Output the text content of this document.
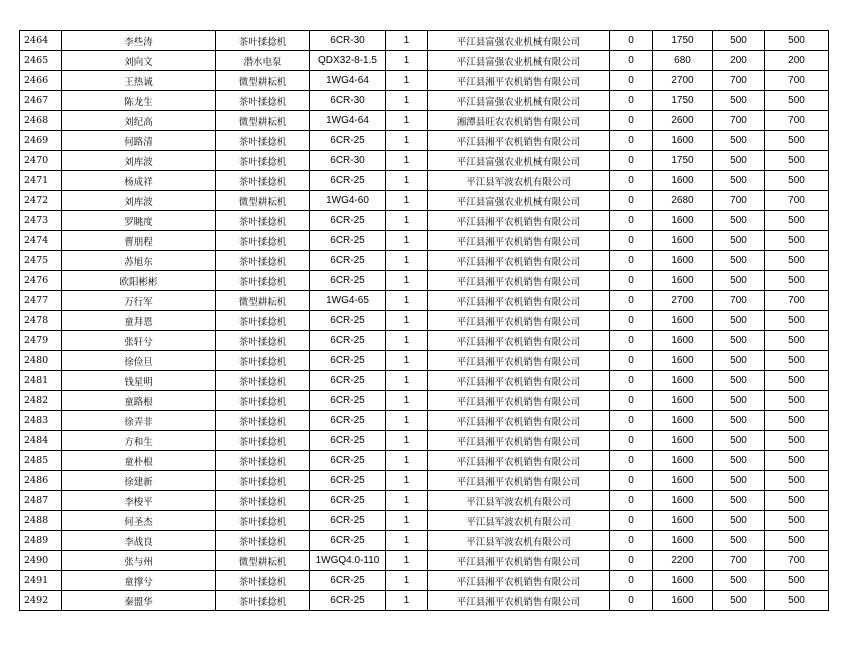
2464	李些涛	茶叶揉捻机	6CR-30	1	平江县富强农业机械有限公司	0	1750	500	500
2465	刘向文	潜水电泵	QDX32-8-1.5	1	平江县富强农业机械有限公司	0	680	200	200
2466	王热诚	微型耕耘机	1WG4-64	1	平江县湘平农机销售有限公司	0	2700	700	700
2467	陈龙生	茶叶揉捻机	6CR-30	1	平江县富强农业机械有限公司	0	1750	500	500
2468	刘纪高	微型耕耘机	1WG4-64	1	湘潭县旺农农机销售有限公司	0	2600	700	700
2469	何路清	茶叶揉捻机	6CR-25	1	平江县湘平农机销售有限公司	0	1600	500	500
2470	刘库波	茶叶揉捻机	6CR-30	1	平江县富强农业机械有限公司	0	1750	500	500
2471	杨成祥	茶叶揉捻机	6CR-25	1	平江县军波农机有限公司	0	1600	500	500
2472	刘库波	微型耕耘机	1WG4-60	1	平江县富强农业机械有限公司	0	2680	700	700
2473	罗眺度	茶叶揉捻机	6CR-25	1	平江县湘平农机销售有限公司	0	1600	500	500
2474	曹朋程	茶叶揉捻机	6CR-25	1	平江县湘平农机销售有限公司	0	1600	500	500
2475	苏旭东	茶叶揉捻机	6CR-25	1	平江县湘平农机销售有限公司	0	1600	500	500
2476	欧阳彬彬	茶叶揉捻机	6CR-25	1	平江县湘平农机销售有限公司	0	1600	500	500
2477	万行军	微型耕耘机	1WG4-65	1	平江县湘平农机销售有限公司	0	2700	700	700
2478	童拜恩	茶叶揉捻机	6CR-25	1	平江县湘平农机销售有限公司	0	1600	500	500
2479	张轩兮	茶叶揉捻机	6CR-25	1	平江县湘平农机销售有限公司	0	1600	500	500
2480	徐俭旦	茶叶揉捻机	6CR-25	1	平江县湘平农机销售有限公司	0	1600	500	500
2481	钱星明	茶叶揉捻机	6CR-25	1	平江县湘平农机销售有限公司	0	1600	500	500
2482	童路根	茶叶揉捻机	6CR-25	1	平江县湘平农机销售有限公司	0	1600	500	500
2483	徐弄非	茶叶揉捻机	6CR-25	1	平江县湘平农机销售有限公司	0	1600	500	500
2484	方和生	茶叶揉捻机	6CR-25	1	平江县湘平农机销售有限公司	0	1600	500	500
2485	童朴根	茶叶揉捻机	6CR-25	1	平江县湘平农机销售有限公司	0	1600	500	500
2486	徐建新	茶叶揉捻机	6CR-25	1	平江县湘平农机销售有限公司	0	1600	500	500
2487	李梭平	茶叶揉捻机	6CR-25	1	平江县军波农机有限公司	0	1600	500	500
2488	何圣杰	茶叶揉捻机	6CR-25	1	平江县军波农机有限公司	0	1600	500	500
2489	李战良	茶叶揉捻机	6CR-25	1	平江县军波农机有限公司	0	1600	500	500
2490	张与州	微型耕耘机	1WGQ4.0-110	1	平江县湘平农机销售有限公司	0	2200	700	700
2491	童撑兮	茶叶揉捻机	6CR-25	1	平江县湘平农机销售有限公司	0	1600	500	500
2492	秦盟华	茶叶揉捻机	6CR-25	1	平江县湘平农机销售有限公司	0	1600	500	500
